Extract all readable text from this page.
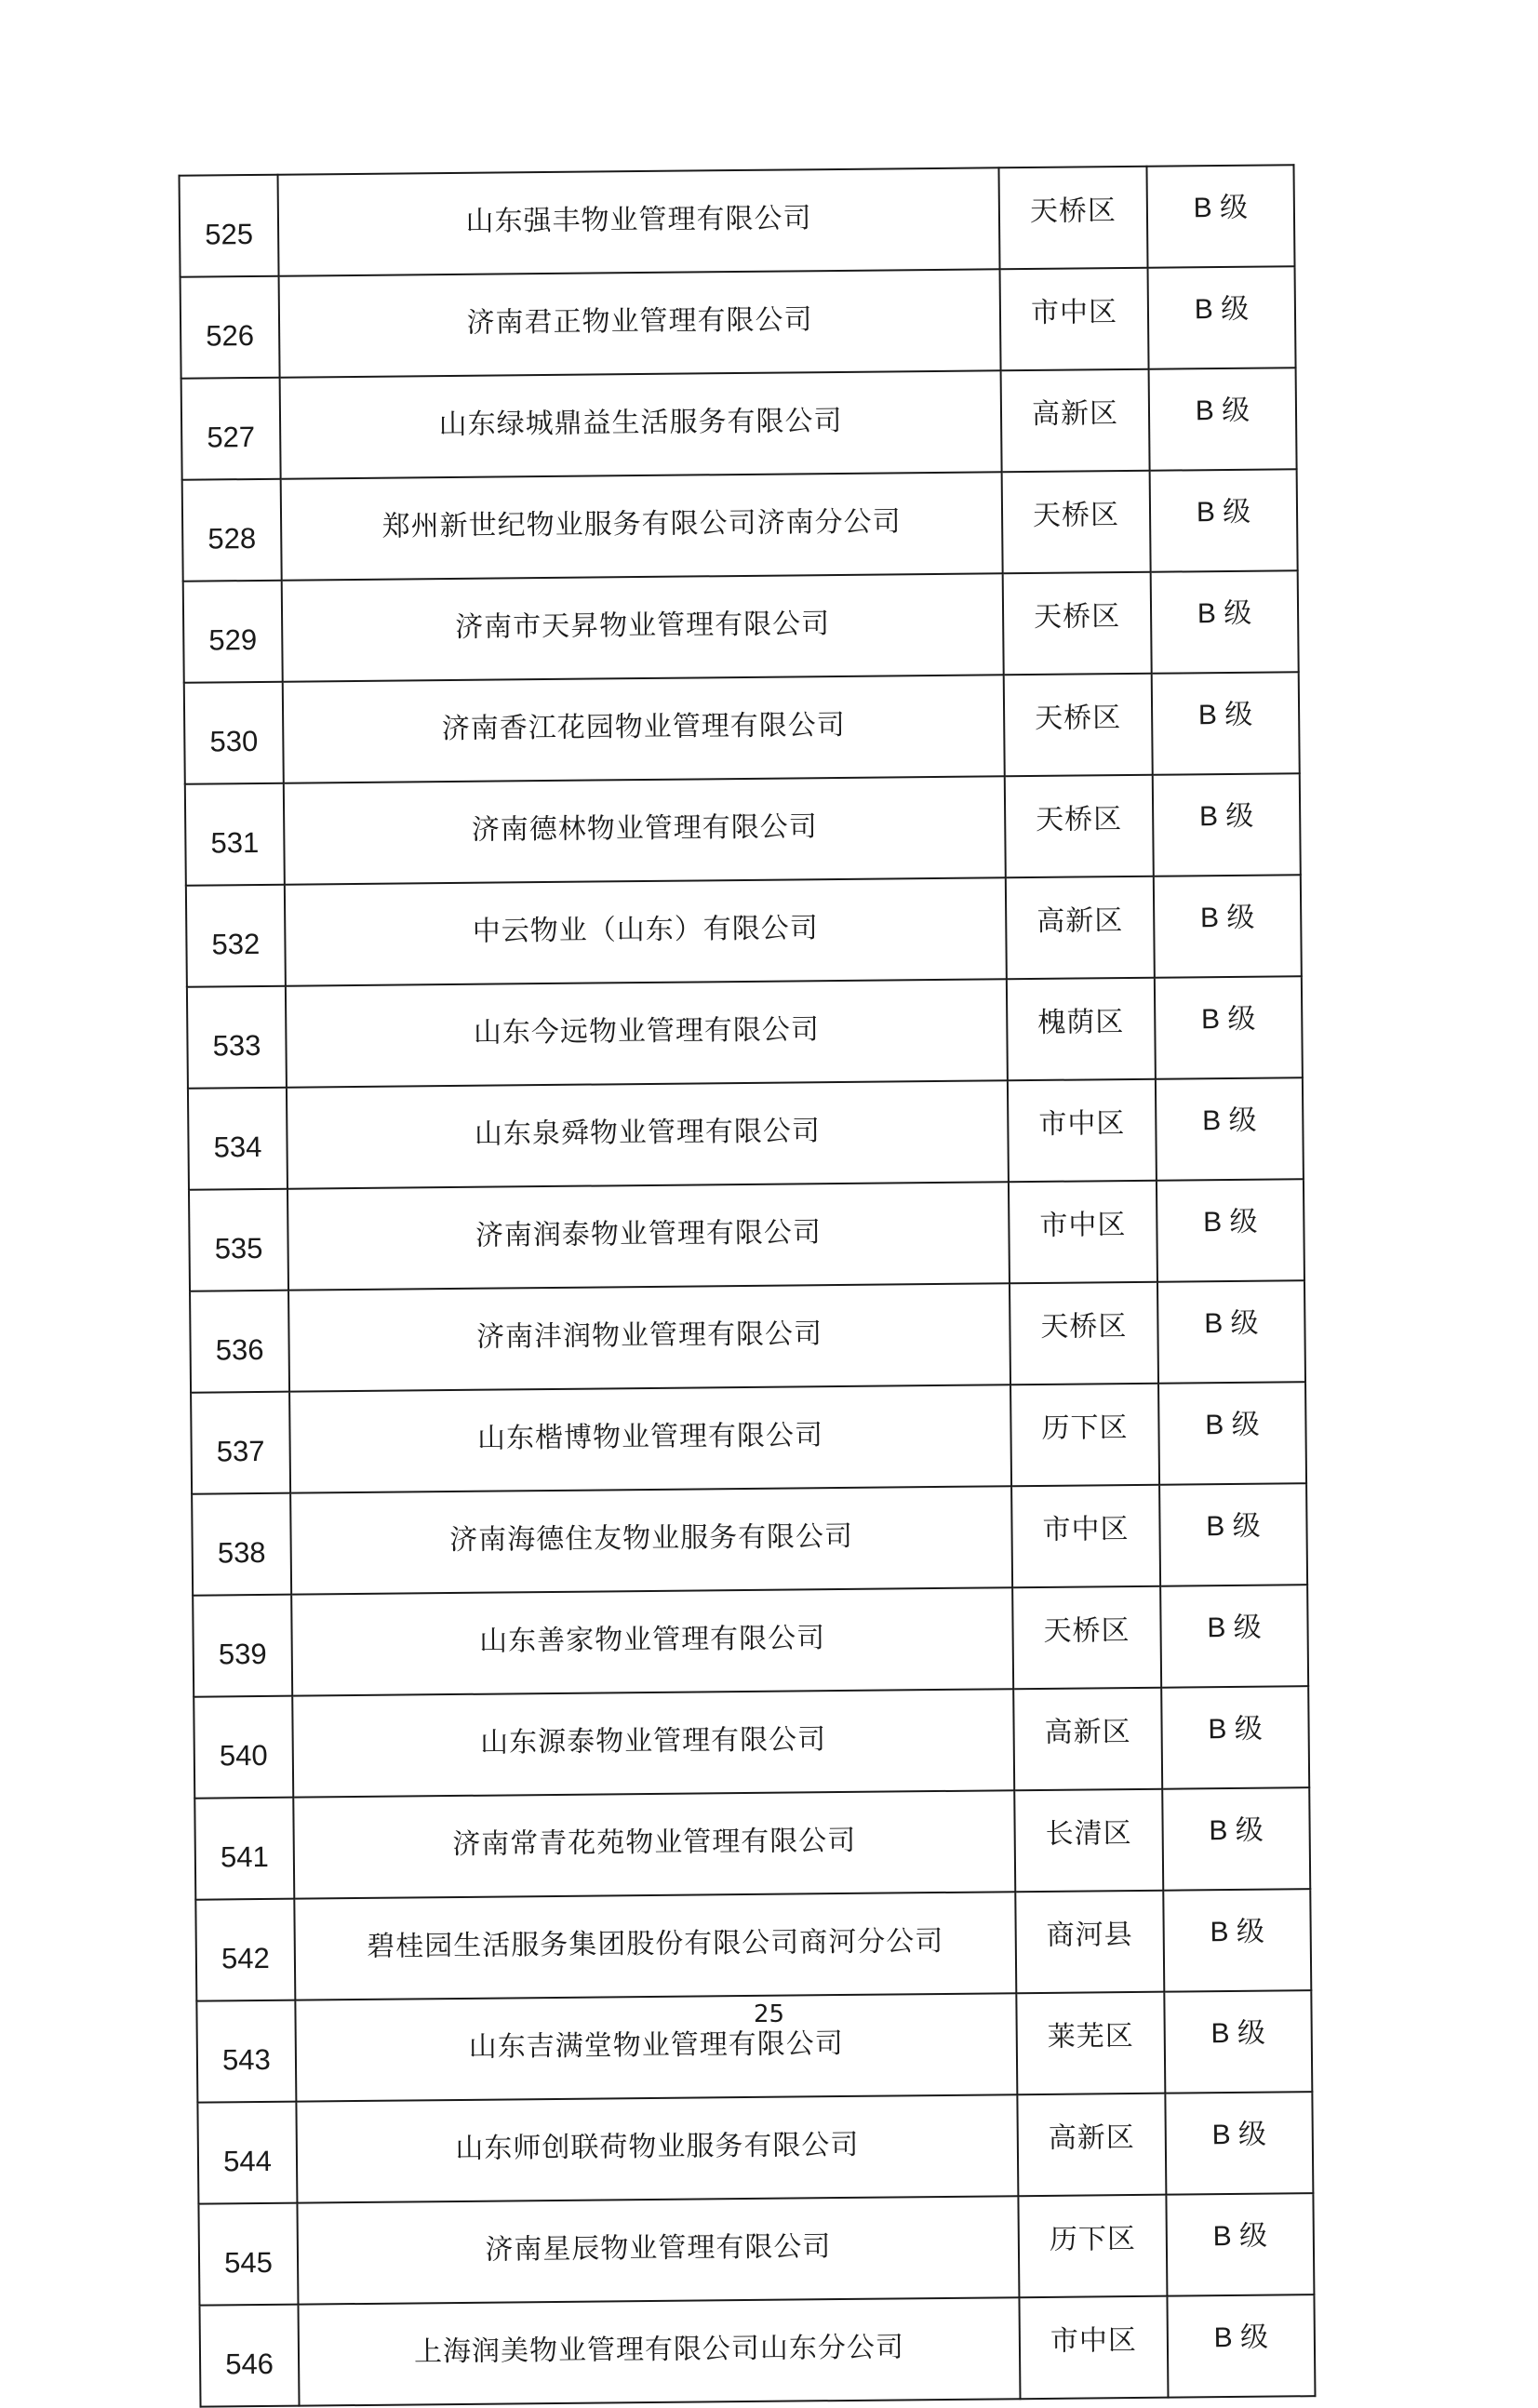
525	山东强丰物业管理有限公司	天桥区	B 级
526	济南君正物业管理有限公司	市中区	B 级
527	山东绿城鼎益生活服务有限公司	高新区	B 级
528	郑州新世纪物业服务有限公司济南分公司	天桥区	B 级
529	济南市天昇物业管理有限公司	天桥区	B 级
530	济南香江花园物业管理有限公司	天桥区	B 级
531	济南德林物业管理有限公司	天桥区	B 级
532	中云物业（山东）有限公司	高新区	B 级
533	山东今远物业管理有限公司	槐荫区	B 级
534	山东泉舜物业管理有限公司	市中区	B 级
535	济南润泰物业管理有限公司	市中区	B 级
536	济南沣润物业管理有限公司	天桥区	B 级
537	山东楷博物业管理有限公司	历下区	B 级
538	济南海德住友物业服务有限公司	市中区	B 级
539	山东善家物业管理有限公司	天桥区	B 级
540	山东源泰物业管理有限公司	高新区	B 级
541	济南常青花苑物业管理有限公司	长清区	B 级
542	碧桂园生活服务集团股份有限公司商河分公司	商河县	B 级
543	山东吉满堂物业管理有限公司	莱芜区	B 级
544	山东师创联荷物业服务有限公司	高新区	B 级
545	济南星辰物业管理有限公司	历下区	B 级
546	上海润美物业管理有限公司山东分公司	市中区	B 级
25
